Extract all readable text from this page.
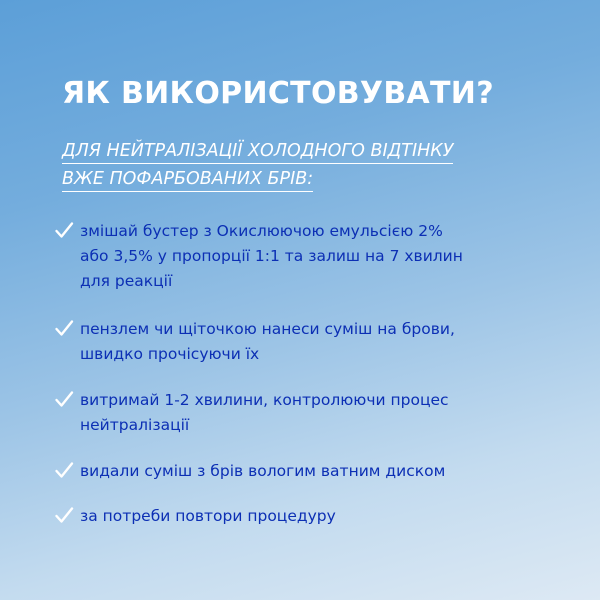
ЯК ВИКОРИСТОВУВАТИ?
ДЛЯ НЕЙТРАЛІЗАЦІЇ ХОЛОДНОГО ВІДТІНКУ
ВЖЕ ПОФАРБОВАНИХ БРІВ:
змішай бустер з Окислюючою емульсією 2%
або 3,5% у пропорції 1:1 та залиш на 7 хвилин
для реакції
пензлем чи щіточкою нанеси суміш на брови,
швидко прочісуючи їх
витримай 1-2 хвилини, контролюючи процес
нейтралізації
видали суміш з брів вологим ватним диском
за потреби повтори процедуру
